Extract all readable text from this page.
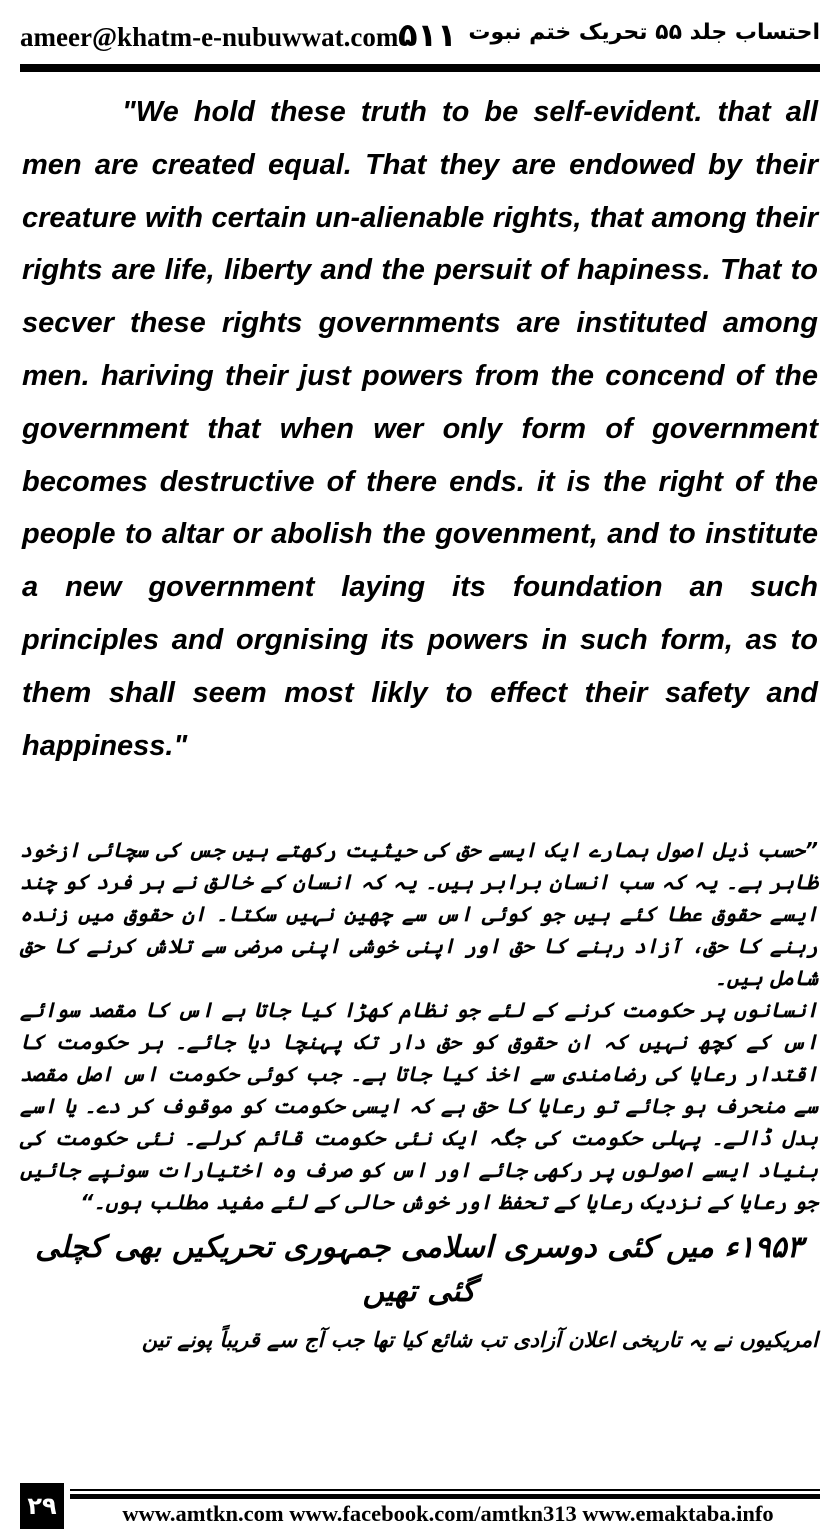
ameer@khatm-e-nubuwwat.com ۵۱۱ احتساب جلد ۵۵ تحریک ختم نبوت
"We hold these truth to be self-evident. that all men are created equal. That they are endowed by their creature with certain un-alienable rights, that among their rights are life, liberty and the persuit of hapiness. That to secver these rights governments are instituted among men. hariving their just powers from the concend of the government that when wer only form of government becomes destructive of there ends. it is the right of the people to altar or abolish the govenment, and to institute a new government laying its foundation an such principles and orgnising its powers in such form, as to them shall seem most likly to effect their safety and happiness."

”حسب ذیل اصول ہمارے ایک ایسے حق کی حیثیت رکھتے ہیں جس کی سچائی ازخود ظاہر ہے۔ یہ کہ سب انسان برابر ہیں۔ یہ کہ انسان کے خالق نے ہر فرد کو چند ایسے حقوق عطا کئے ہیں جو کوئی اس سے چھین نہیں سکتا۔ ان حقوق میں زندہ رہنے کا حق، آزاد رہنے کا حق اور اپنی خوشی اپنی مرضی سے تلاش کرنے کا حق شامل ہیں۔

انسانوں پر حکومت کرنے کے لئے جو نظام کھڑا کیا جاتا ہے اس کا مقصد سوائے اس کے کچھ نہیں کہ ان حقوق کو حق دار تک پہنچا دیا جائے۔ ہر حکومت کا اقتدار رعایا کی رضامندی سے اخذ کیا جاتا ہے۔ جب کوئی حکومت اس اصل مقصد سے منحرف ہو جائے تو رعایا کا حق ہے کہ ایسی حکومت کو موقوف کر دے۔ یا اسے بدل ڈالے۔ پہلی حکومت کی جگہ ایک نئی حکومت قائم کرلے۔ نئی حکومت کی بنیاد ایسے اصولوں پر رکھی جائے اور اس کو صرف وہ اختیارات سونپے جائیں جو رعایا کے نزدیک رعایا کے تحفظ اور خوش حالی کے لئے مفید مطلب ہوں۔“

۱۹۵۳ء میں کئی دوسری اسلامی جمہوری تحریکیں بھی کچلی گئی تھیں

امریکیوں نے یہ تاریخی اعلان آزادی تب شائع کیا تھا جب آج سے قریباً پونے تین

۲۹	www.amtkn.com www.facebook.com/amtkn313 www.emaktaba.info
